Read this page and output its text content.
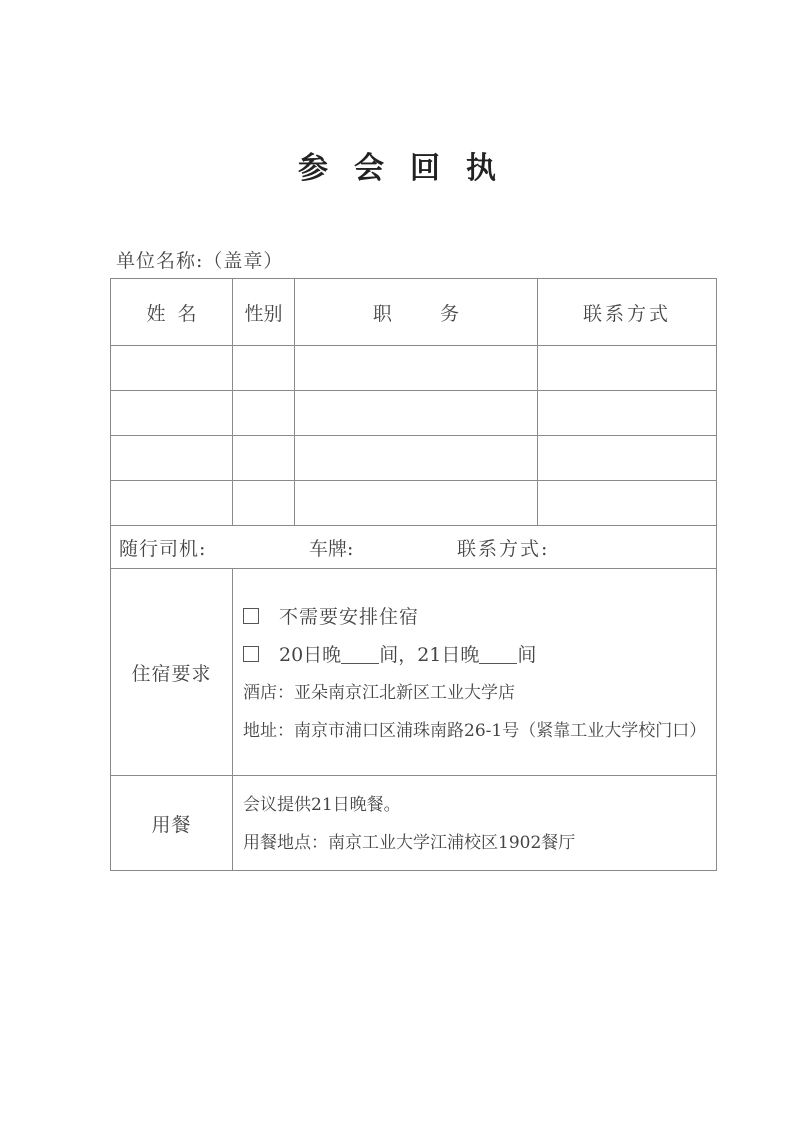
参会回执
单位名称:（盖章）
姓  名	性别	职        务	联系方式

随行司机: 车牌: 联系方式:			
住宿要求	不需要安排住宿
20日晚 间，21日晚 间
酒店：亚朵南京江北新区工业大学店
地址：南京市浦口区浦珠南路26-1号（紧靠工业大学校门口）		

用餐	会议提供21日晚餐。
用餐地点：南京工业大学江浦校区1902餐厅		
